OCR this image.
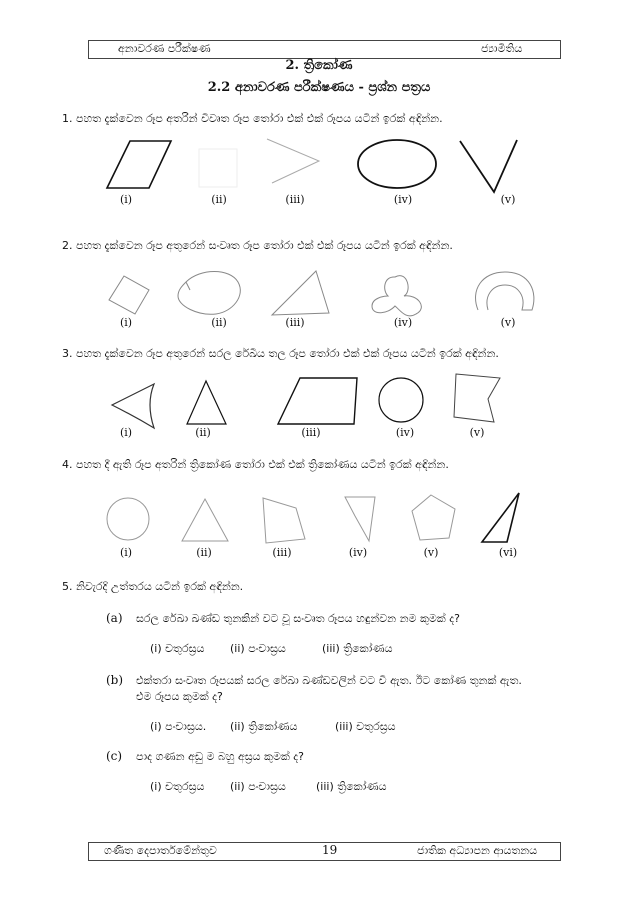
අනාවරණ පරීක්ෂණ	ජ්‍යාමිතිය
2. ත්‍රිකෝණ
2.2 අනාවරණ පරීක්ෂණය - ප්‍රශ්න පත්‍රය
1. පහත දැක්වෙන රූප අතරින් විවෘත රූප තෝරා එක් එක් රූපය යටින් ඉරක් අඳින්න.
(i)	(ii)	(iii)	(iv)	(v)
2. පහත දැක්වෙන රූප අතුරෙන් සංවෘත රූප තෝරා එක් එක් රූපය යටින් ඉරක් අඳින්න.
(i)	(ii)	(iii)	(iv)	(v)
3. පහත දැක්වෙන රූප අතුරෙන් සරල රේඛීය තල රූප තෝරා එක් එක් රූපය යටින් ඉරක් අඳින්න.
(i)	(ii)	(iii)	(iv)	(v)
4. පහත දී ඇති රූප අතරින් ත්‍රිකෝණ තෝරා එක් එක් ත්‍රිකෝණය යටින් ඉරක් අඳින්න.
(i)	(ii)	(iii)	(iv)	(v)	(vi)
5. නිවැරදි උත්තරය යටින් ඉරක් අඳින්න.
(a) සරල රේඛා ඛණ්ඩ තුනකින් වට වූ සංවෘත රූපය හඳුන්වන නම කුමක් ද?
(i) චතුරස්‍රය (ii) පංචාස්‍රය	(iii) ත්‍රිකෝණය
(b) එක්තරා සංවෘත රූපයක් සරල රේඛා ඛණ්ඩවලින් වට වී ඇත. ඊට කෝණ තුනක් ඇත.
එම රූපය කුමක් ද?
(i) පංචාස්‍රය. (ii) ත්‍රිකෝණය	(iii) චතුරස්‍රය
(c) පාද ගණන අඩු ම බහු අස්‍රය කුමක් ද?
(i) චතුරස්‍රය (ii) පංචාස්‍රය	(iii) ත්‍රිකෝණය
ගණිත දෙපාර්තමේන්තුව	19	ජාතික අධ්‍යාපන ආයතනය
